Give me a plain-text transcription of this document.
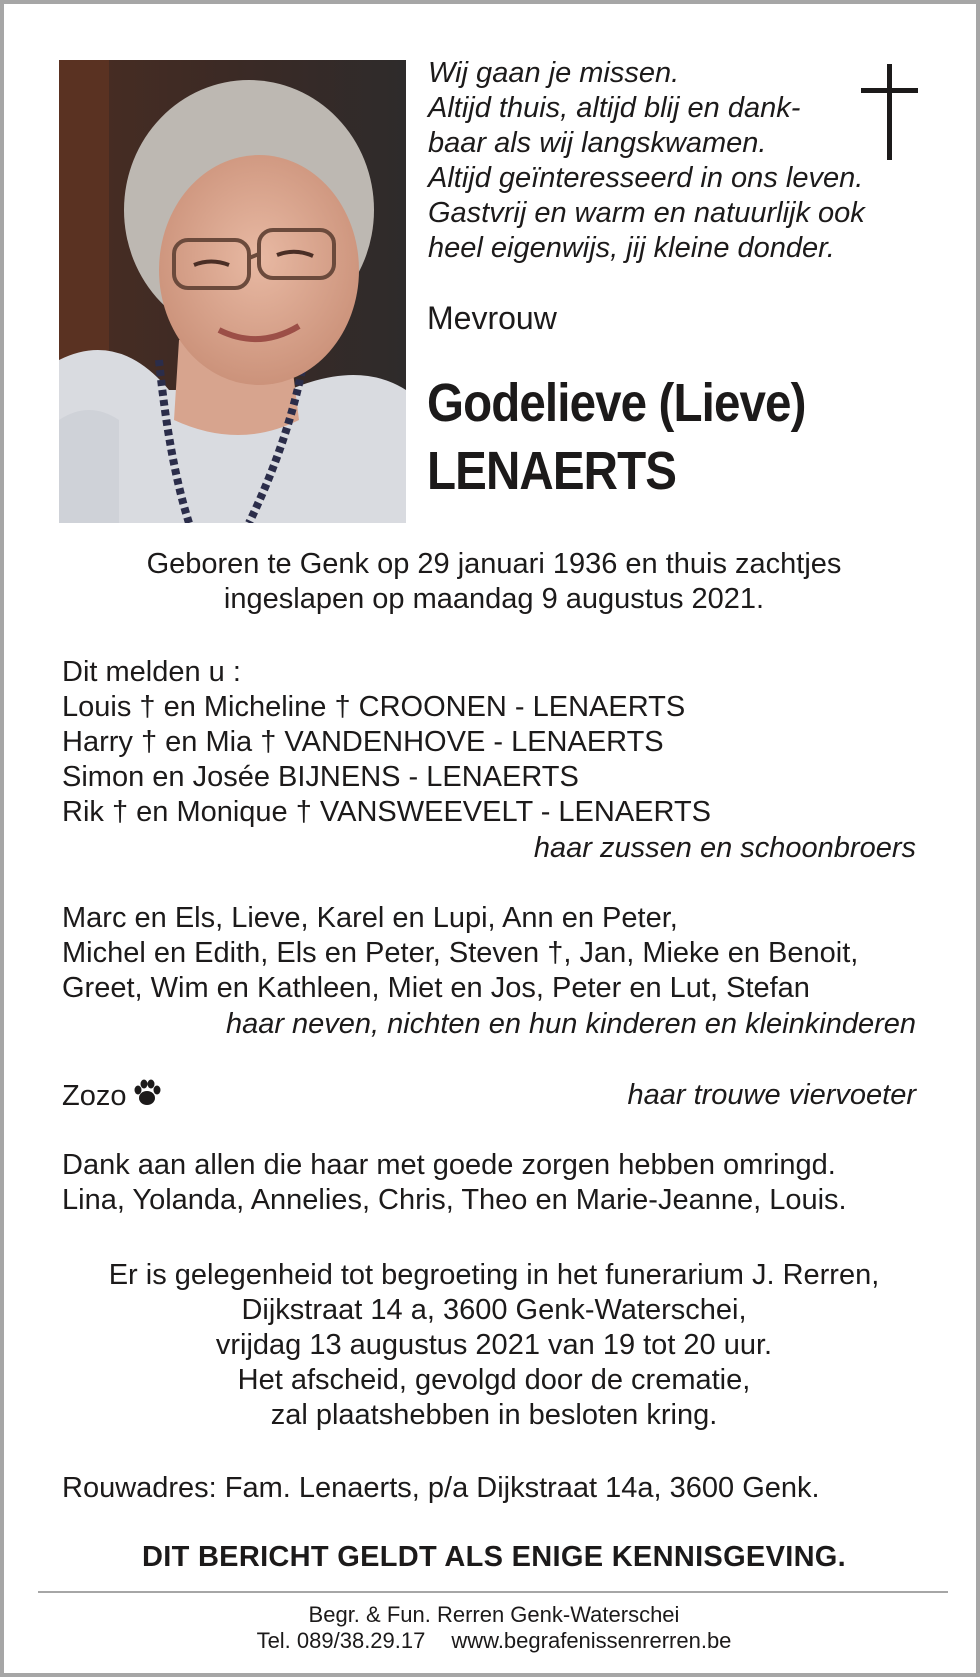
Wij gaan je missen.
Altijd thuis, altijd blij en dank-
baar als wij langskwamen.
Altijd geïnteresseerd in ons leven.
Gastvrij en warm en natuurlijk ook
heel eigenwijs, jij kleine donder.
Mevrouw
Godelieve (Lieve)
LENAERTS
Geboren te Genk op 29 januari 1936 en thuis zachtjes
ingeslapen op maandag 9 augustus 2021.
Dit melden u :
Louis † en Micheline † CROONEN - LENAERTS
Harry † en Mia † VANDENHOVE - LENAERTS
Simon en Josée BIJNENS - LENAERTS
Rik † en Monique † VANSWEEVELT - LENAERTS
haar zussen en schoonbroers
Marc en Els, Lieve, Karel en Lupi, Ann en Peter,
Michel en Edith, Els en Peter, Steven †, Jan, Mieke en Benoit,
Greet, Wim en Kathleen, Miet en Jos, Peter en Lut, Stefan
haar neven, nichten en hun kinderen en kleinkinderen
Zozo	haar trouwe viervoeter
Dank aan allen die haar met goede zorgen hebben omringd.
Lina, Yolanda, Annelies, Chris, Theo en Marie-Jeanne, Louis.
Er is gelegenheid tot begroeting in het funerarium J. Rerren,
Dijkstraat 14 a, 3600 Genk-Waterschei,
vrijdag 13 augustus 2021 van 19 tot 20 uur.
Het afscheid, gevolgd door de crematie,
zal plaatshebben in besloten kring.
Rouwadres: Fam. Lenaerts, p/a Dijkstraat 14a, 3600 Genk.
DIT BERICHT GELDT ALS ENIGE KENNISGEVING.
Begr. & Fun. Rerren Genk-Waterschei
Tel. 089/38.29.17 www.begrafenissenrerren.be
